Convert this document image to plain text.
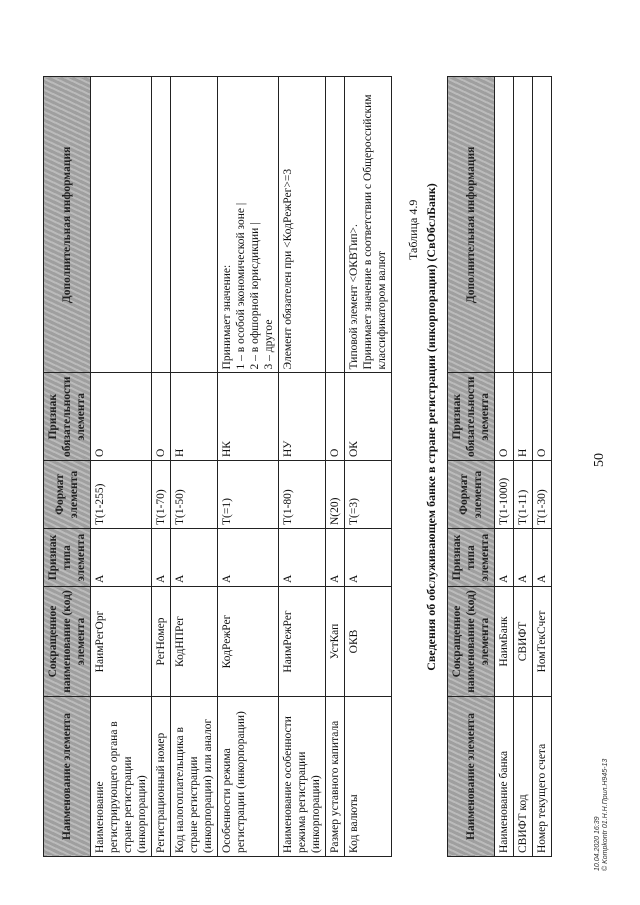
50
Наименование элемента	Сокращенное наименование (код) элемента	Признак типа элемента	Формат элемента	Признак обязательности элемента	Дополнительная информация
Наименование регистрирующего органа в стране регистрации (инкорпорации)	НаимРегОрг	А	T(1-255)	О	
Регистрационный номер	РегНомер	А	T(1-70)	О	
Код налогоплательщика в стране регистрации (инкорпорации) или аналог	КодНПРег	А	T(1-50)	Н	
Особенности режима регистрации (инкорпорации)	КодРежРег	А	T(=1)	НК	Принимает значение:
1 – в особой экономической зоне |
2 – в офшорной юрисдикции |
3 – другое
Наименование особенности режима регистрации (инкорпорации)	НаимРежРег	А	T(1-80)	НУ	Элемент обязателен при <КодРежРег>=3
Размер уставного капитала	УстКап	А	N(20)	О	
Код валюты	ОКВ	А	T(=3)	ОК	Типовой элемент <ОКВТип>.
Принимает значение в соответствии с Общероссийским классификатором валют
Таблица 4.9 Сведения об обслуживающем банке в стране регистрации (инкорпорации) (СвОбслБанк)
Наименование элемента	Сокращенное наименование (код) элемента	Признак типа элемента	Формат элемента	Признак обязательности элемента	Дополнительная информация
Наименование банка	НаимБанк	А	T(1-1000)	О	
СВИФТ код	СВИФТ	А	T(1-11)	Н	
Номер текущего счета	НомТекСчет	А	T(1-30)	О	
10.04.2020 16:39 © Kompkontr 01.H.H.Прил.Н945-13
